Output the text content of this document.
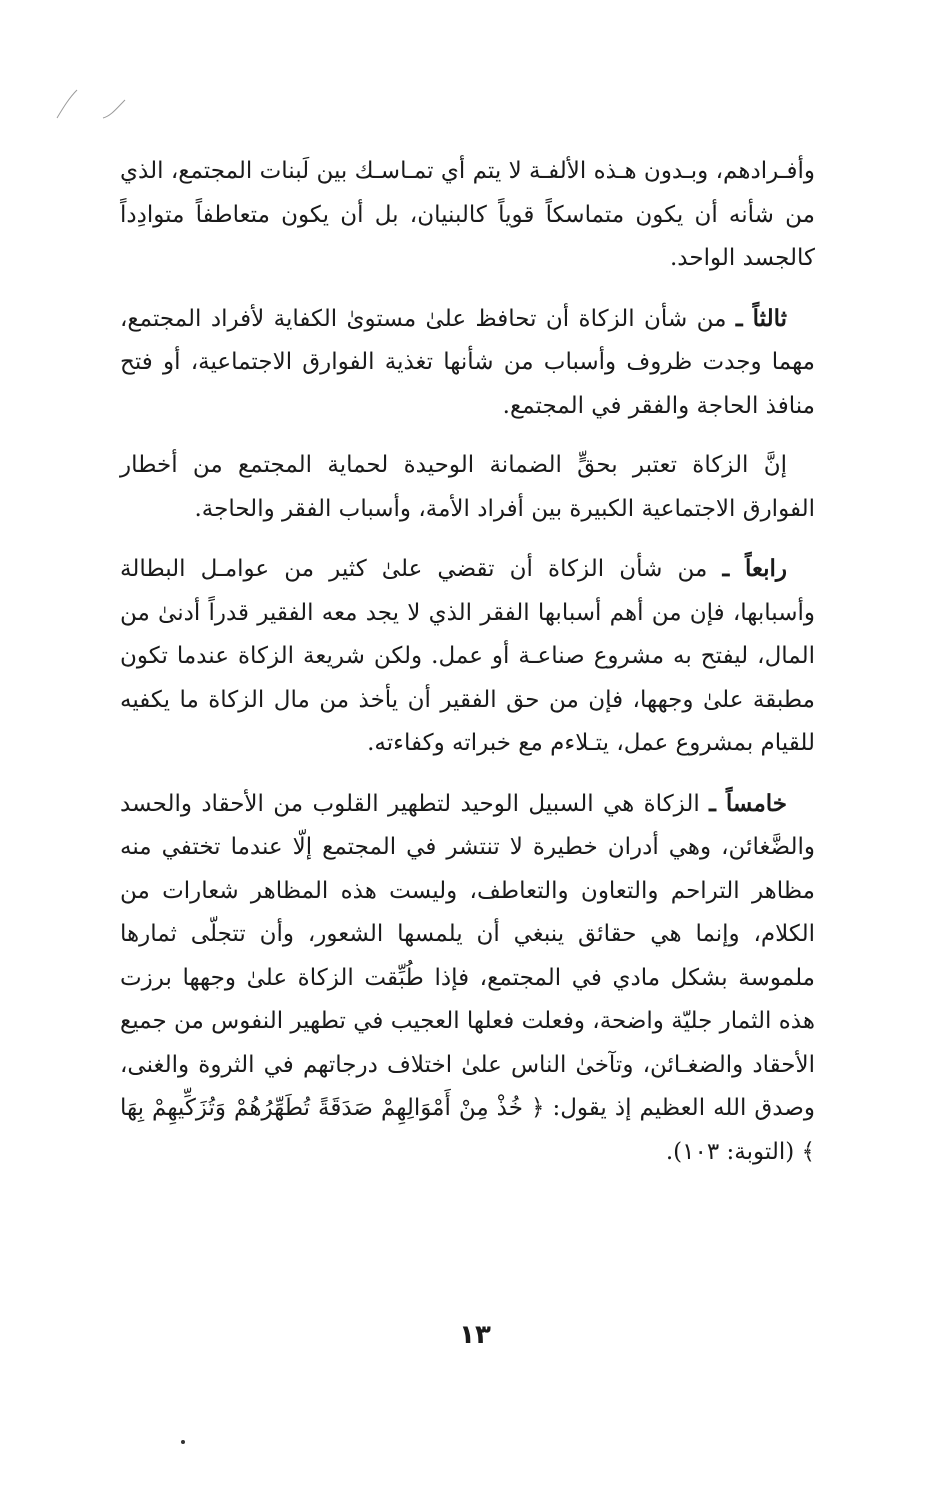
وأفـرادهم، وبـدون هـذه الألفـة لا يتم أي تمـاسـك بين لَبنات المجتمع، الذي من شأنه أن يكون متماسكاً قوياً كالبنيان، بل أن يكون متعاطفاً متوادِداً كالجسد الواحد.

ثالثاً ـ من شأن الزكاة أن تحافظ علىٰ مستوىٰ الكفاية لأفراد المجتمع، مهما وجدت ظروف وأسباب من شأنها تغذية الفوارق الاجتماعية، أو فتح منافذ الحاجة والفقر في المجتمع.

إنَّ الزكاة تعتبر بحقٍّ الضمانة الوحيدة لحماية المجتمع من أخطار الفوارق الاجتماعية الكبيرة بين أفراد الأمة، وأسباب الفقر والحاجة.

رابعاً ـ من شأن الزكاة أن تقضي علىٰ كثير من عوامـل البطالة وأسبابها، فإن من أهم أسبابها الفقر الذي لا يجد معه الفقير قدراً أدنىٰ من المال، ليفتح به مشروع صناعـة أو عمل. ولكن شريعة الزكاة عندما تكون مطبقة علىٰ وجهها، فإن من حق الفقير أن يأخذ من مال الزكاة ما يكفيه للقيام بمشروع عمل، يتـلاءم مع خبراته وكفاءته.

خامساً ـ الزكاة هي السبيل الوحيد لتطهير القلوب من الأحقاد والحسد والضَّغائن، وهي أدران خطيرة لا تنتشر في المجتمع إلّا عندما تختفي منه مظاهر التراحم والتعاون والتعاطف، وليست هذه المظاهر شعارات من الكلام، وإنما هي حقائق ينبغي أن يلمسها الشعور، وأن تتجلّى ثمارها ملموسة بشكل مادي في المجتمع، فإذا طُبِّقت الزكاة علىٰ وجهها برزت هذه الثمار جليّة واضحة، وفعلت فعلها العجيب في تطهير النفوس من جميع الأحقاد والضغـائن، وتآخىٰ الناس علىٰ اختلاف درجاتهم في الثروة والغنى، وصدق الله العظيم إذ يقول: ﴿ خُذْ مِنْ أَمْوَالِهِمْ صَدَقَةً تُطَهِّرُهُمْ وَتُزَكِّيهِمْ بِهَا ﴾ (التوبة: ١٠٣).

١٣
